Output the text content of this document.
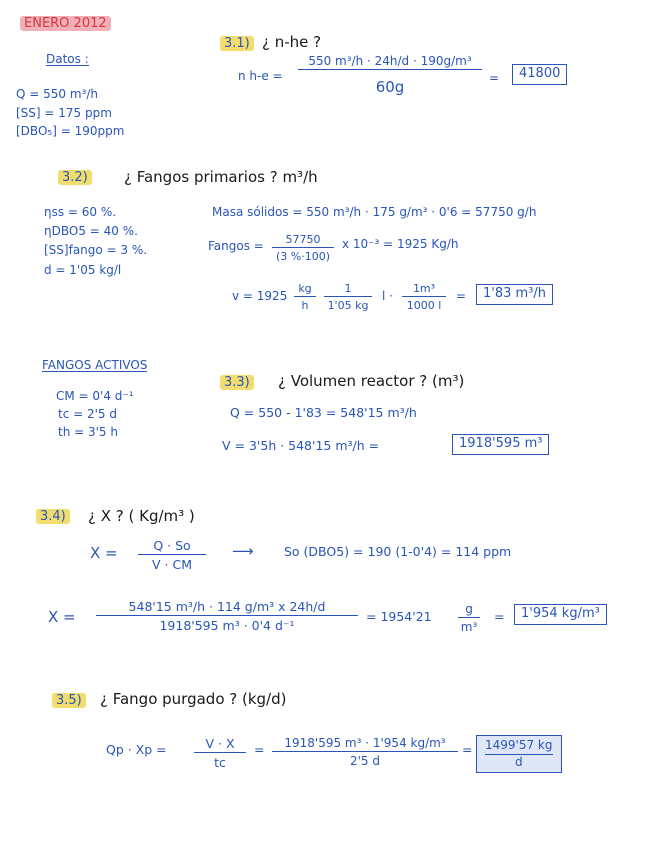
ENERO 2012
Datos :
Q = 550 m³/h
[SS] = 175 ppm
[DBO₅] = 190ppm
3.1) ¿ n-he ?
n h-e =
550 m³/h · 24h/d · 190g/m³
60g	=	41800
3.2) ¿ Fangos primarios ? m³/h
ηss = 60 %.
ηDBO5 = 40 %.
[SS]fango = 3 %.
d = 1'05 kg/l
Masa sólidos = 550 m³/h · 175 g/m³ · 0'6 = 57750 g/h
Fangos = $\frac{57750}{(3 \%\cdot 100)}$ x 10⁻³ = 1925 Kg/h
$v = 1925 \frac{kg}{h} \frac{1}{1'05 kg}$ $l \cdot \frac{\text{1m³}}{1000 l}$ =	1'83 m³/h
FANGOS ACTIVOS
CM = 0'4 d⁻¹
tc = 2'5 d
th = 3'5 h
3.3) ¿ Volumen reactor ? (m³)
Q = 550 - 1'83 = 548'15 m³/h
V = 3'5h · 548'15 m³/h =	1918'595 m³
3.4) ¿ X ? ( Kg/m³ )
$X = \frac{Q \cdot So}{V \cdot CM}$ ⟶ So (DBO5) = 190 (1-0'4) = 114 ppm
$X = \frac{\text{548'15 m³/h · 114 g/m³ x 24h/d}}{\text{1918'595 m³ · 0'4 d⁻¹}} = 1954'21 \frac{g}{\text{m³}}$ =	1'954 kg/m³
3.5) ¿ Fango purgado ? (kg/d)
$Qp \cdot Xp = \frac{V \cdot X}{tc} = \frac{\text{1918'595 m³ · 1'954 kg/m³}}{2'5 d} = \frac{1499'57 kg}{d}$
